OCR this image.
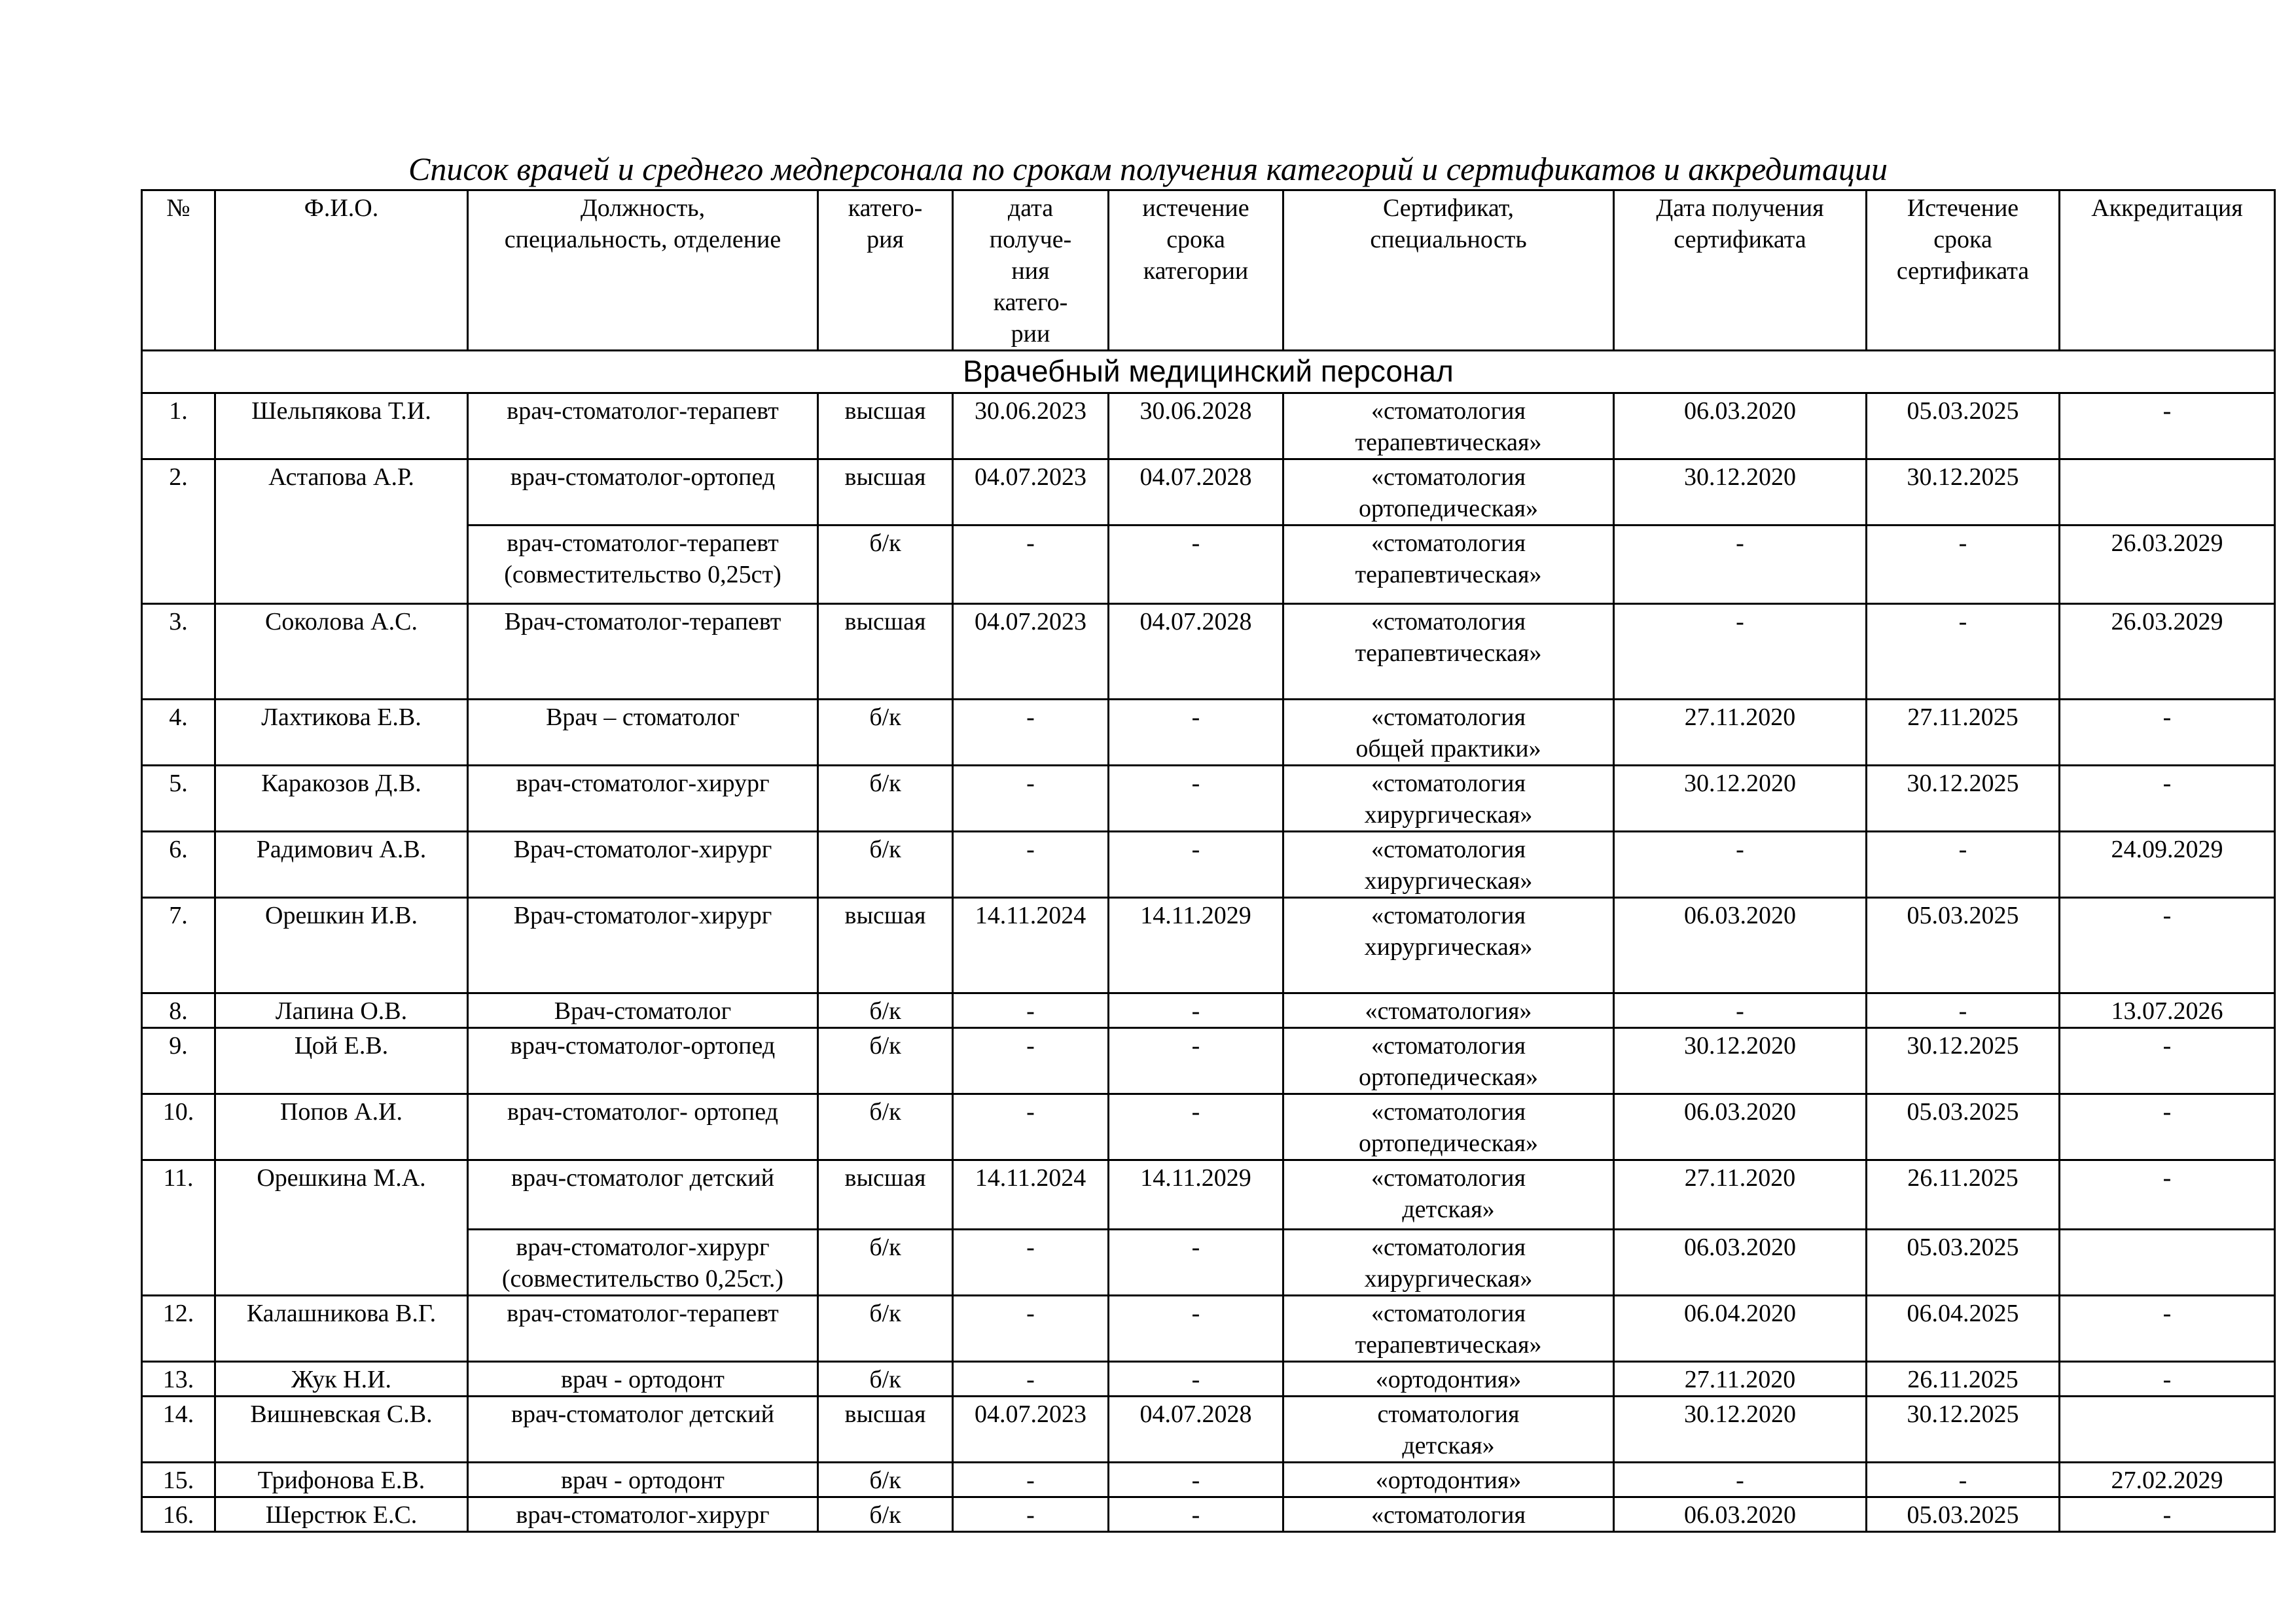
Список врачей и среднего медперсонала по срокам получения категорий и сертификатов и аккредитации
№	Ф.И.О.	Должность,
специальность, отделение	катего-
рия	дата
получе-
ния
катего-
рии	истечение
срока
категории	Сертификат,
специальность	Дата получения
сертификата	Истечение
срока
сертификата	Аккредитация
Врачебный медицинский персонал									
1.	Шельпякова Т.И.	врач-стоматолог-терапевт	высшая	30.06.2023	30.06.2028	«стоматология
терапевтическая»	06.03.2020	05.03.2025	-
2.	Астапова А.Р.	врач-стоматолог-ортопед	высшая	04.07.2023	04.07.2028	«стоматология
ортопедическая»	30.12.2020	30.12.2025	
		врач-стоматолог-терапевт
(совместительство 0,25ст)	б/к	-	-	«стоматология
терапевтическая»	-	-	26.03.2029
3.	Соколова А.С.	Врач-стоматолог-терапевт	высшая	04.07.2023	04.07.2028	«стоматология
терапевтическая»	-	-	26.03.2029
4.	Лахтикова Е.В.	Врач – стоматолог	б/к	-	-	«стоматология
общей практики»	27.11.2020	27.11.2025	-
5.	Каракозов Д.В.	врач-стоматолог-хирург	б/к	-	-	«стоматология
хирургическая»	30.12.2020	30.12.2025	-
6.	Радимович А.В.	Врач-стоматолог-хирург	б/к	-	-	«стоматология
хирургическая»	-	-	24.09.2029
7.	Орешкин И.В.	Врач-стоматолог-хирург	высшая	14.11.2024	14.11.2029	«стоматология
хирургическая»	06.03.2020	05.03.2025	-
8.	Лапина О.В.	Врач-стоматолог	б/к	-	-	«стоматология»	-	-	13.07.2026
9.	Цой Е.В.	врач-стоматолог-ортопед	б/к	-	-	«стоматология
ортопедическая»	30.12.2020	30.12.2025	-
10.	Попов А.И.	врач-стоматолог- ортопед	б/к	-	-	«стоматология
ортопедическая»	06.03.2020	05.03.2025	-
11.	Орешкина М.А.	врач-стоматолог детский	высшая	14.11.2024	14.11.2029	«стоматология
детская»	27.11.2020	26.11.2025	-
		врач-стоматолог-хирург
(совместительство 0,25ст.)	б/к	-	-	«стоматология
хирургическая»	06.03.2020	05.03.2025	
12.	Калашникова В.Г.	врач-стоматолог-терапевт	б/к	-	-	«стоматология
терапевтическая»	06.04.2020	06.04.2025	-
13.	Жук Н.И.	врач - ортодонт	б/к	-	-	«ортодонтия»	27.11.2020	26.11.2025	-
14.	Вишневская С.В.	врач-стоматолог детский	высшая	04.07.2023	04.07.2028	стоматология
детская»	30.12.2020	30.12.2025	
15.	Трифонова Е.В.	врач - ортодонт	б/к	-	-	«ортодонтия»	-	-	27.02.2029
16.	Шерстюк Е.С.	врач-стоматолог-хирург	б/к	-	-	«стоматология	06.03.2020	05.03.2025	-
